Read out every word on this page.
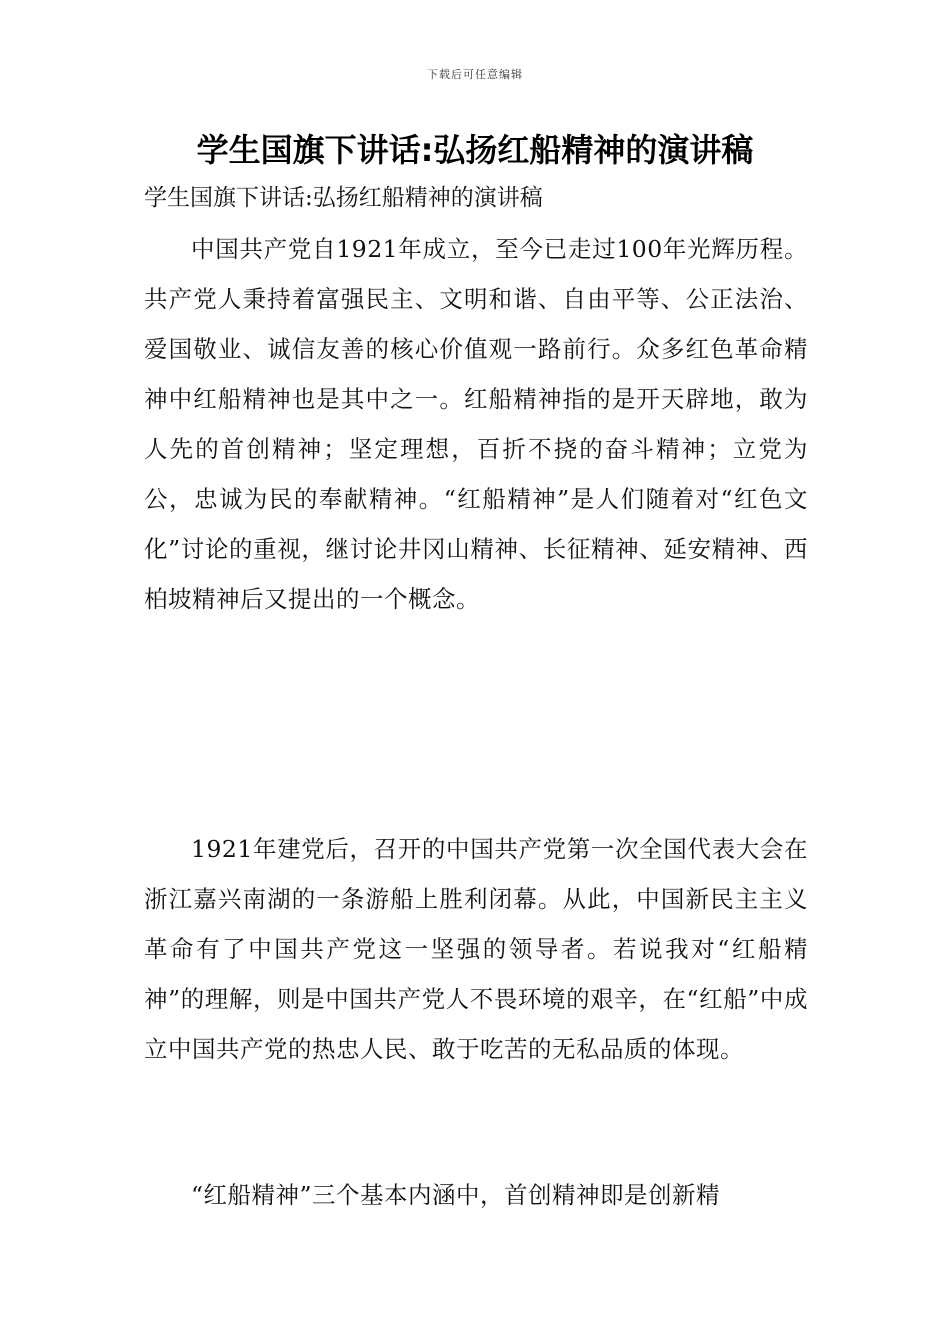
下载后可任意编辑
学生国旗下讲话:弘扬红船精神的演讲稿

学生国旗下讲话:弘扬红船精神的演讲稿

中国共产党自1921年成立，至今已走过100年光辉历程。共产党人秉持着富强民主、文明和谐、自由平等、公正法治、爱国敬业、诚信友善的核心价值观一路前行。众多红色革命精神中红船精神也是其中之一。红船精神指的是开天辟地，敢为人先的首创精神；坚定理想，百折不挠的奋斗精神；立党为公，忠诚为民的奉献精神。“红船精神”是人们随着对“红色文化”讨论的重视，继讨论井冈山精神、长征精神、延安精神、西柏坡精神后又提出的一个概念。

1921年建党后，召开的中国共产党第一次全国代表大会在浙江嘉兴南湖的一条游船上胜利闭幕。从此，中国新民主主义革命有了中国共产党这一坚强的领导者。若说我对“红船精神”的理解，则是中国共产党人不畏环境的艰辛，在“红船”中成立中国共产党的热忠人民、敢于吃苦的无私品质的体现。

“红船精神”三个基本内涵中，首创精神即是创新精
